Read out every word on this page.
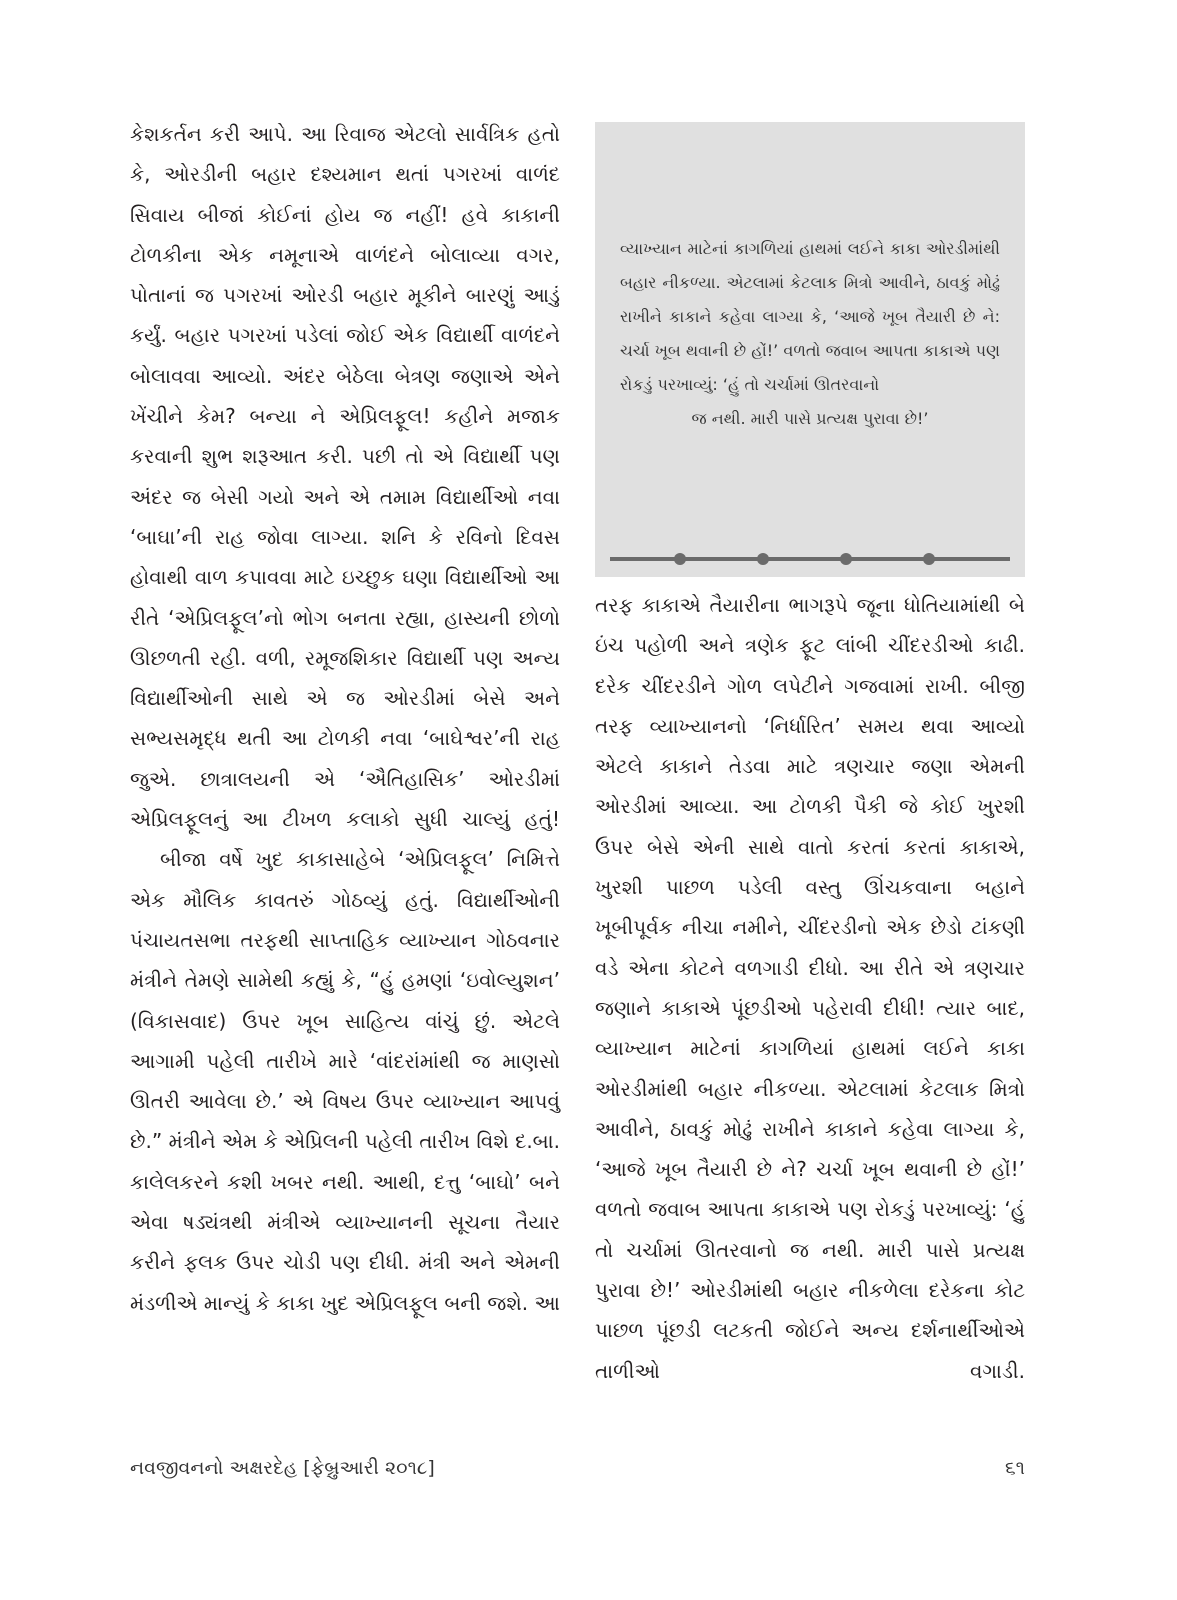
કેશકર્તન કરી આપે. આ રિવાજ એટલો સાર્વત્રિક હતો કે, ઓરડીની બહાર દશ્યમાન થતાં પગરખાં વાળંદ સિવાય બીજાં કોઈનાં હોય જ નહીં! હવે કાકાની ટોળકીના એક નમૂનાએ વાળંદને બોલાવ્યા વગર, પોતાનાં જ પગરખાં ઓરડી બહાર મૂકીને બારણું આડું કર્યું. બહાર પગરખાં પડેલાં જોઈ એક વિદ્યાર્થી વાળંદને બોલાવવા આવ્યો. અંદર બેઠેલા બેત્રણ જણાએ એને ખેંચીને કેમ? બન્યા ને એપ્રિલફૂલ! કહીને મજાક કરવાની શુભ શરૂઆત કરી. પછી તો એ વિદ્યાર્થી પણ અંદર જ બેસી ગયો અને એ તમામ વિદ્યાર્થીઓ નવા ‘બાઘા’ની રાહ જોવા લાગ્યા. શનિ કે રવિનો દિવસ હોવાથી વાળ કપાવવા માટે ઇચ્છુક ઘણા વિદ્યાર્થીઓ આ રીતે ‘એપ્રિલફૂલ’નો ભોગ બનતા રહ્યા, હાસ્યની છોળો ઊછળતી રહી. વળી, રમૂજશિકાર વિદ્યાર્થી પણ અન્ય વિદ્યાર્થીઓની સાથે એ જ ઓરડીમાં બેસે અને સભ્યસમૃદ્ધ થતી આ ટોળકી નવા ‘બાઘેશ્વર’ની રાહ જુએ. છાત્રાલયની એ ‘ઐતિહાસિક’ ઓરડીમાં એપ્રિલફૂલનું આ ટીખળ કલાકો સુધી ચાલ્યું હતું!

બીજા વર્ષે ખુદ કાકાસાહેબે ‘એપ્રિલફૂલ’ નિમિત્તે એક મૌલિક કાવતરું ગોઠવ્યું હતું. વિદ્યાર્થીઓની પંચાયતસભા તરફથી સાપ્તાહિક વ્યાખ્યાન ગોઠવનાર મંત્રીને તેમણે સામેથી કહ્યું કે, “હું હમણાં ‘ઇવોલ્યુશન’ (વિકાસવાદ) ઉપર ખૂબ સાહિત્ય વાંચું છું. એટલે આગામી પહેલી તારીખે મારે ‘વાંદરાંમાંથી જ માણસો ઊતરી આવેલા છે.’ એ વિષય ઉપર વ્યાખ્યાન આપવું છે.” મંત્રીને એમ કે એપ્રિલની પહેલી તારીખ વિશે દ.બા. કાલેલકરને કશી ખબર નથી. આથી, દત્તુ ‘બાઘો’ બને એવા ષડ્યંત્રથી મંત્રીએ વ્યાખ્યાનની સૂચના તૈયાર કરીને ફલક ઉપર ચોડી પણ દીધી. મંત્રી અને એમની મંડળીએ માન્યું કે કાકા ખુદ એપ્રિલફૂલ બની જશે. આ

વ્યાખ્યાન માટેનાં કાગળિયાં હાથમાં લઈને કાકા ઓરડીમાંથી બહાર નીકળ્યા. એટલામાં કેટલાક મિત્રો આવીને, ઠાવકું મોઢું રાખીને કાકાને કહેવા લાગ્યા કે, ‘આજે ખૂબ તૈયારી છે ને: ચર્ચા ખૂબ થવાની છે હોં!’ વળતો જવાબ આપતા કાકાએ પણ રોકડું પરખાવ્યું: ‘હું તો ચર્ચામાં ઊતરવાનો
જ નથી. મારી પાસે પ્રત્યક્ષ પુરાવા છે!’

તરફ કાકાએ તૈયારીના ભાગરૂપે જૂના ધોતિયામાંથી બે ઇંચ પહોળી અને ત્રણેક ફૂટ લાંબી ચીંદરડીઓ કાઢી. દરેક ચીંદરડીને ગોળ લપેટીને ગજવામાં રાખી. બીજી તરફ વ્યાખ્યાનનો ‘નિર્ધારિત’ સમય થવા આવ્યો એટલે કાકાને તેડવા માટે ત્રણચાર જણા એમની ઓરડીમાં આવ્યા. આ ટોળકી પૈકી જે કોઈ ખુરશી ઉપર બેસે એની સાથે વાતો કરતાં કરતાં કાકાએ, ખુરશી પાછળ પડેલી વસ્તુ ઊંચકવાના બહાને ખૂબીપૂર્વક નીચા નમીને, ચીંદરડીનો એક છેડો ટાંકણી વડે એના કોટને વળગાડી દીધો. આ રીતે એ ત્રણચાર જણાને કાકાએ પૂંછડીઓ પહેરાવી દીધી! ત્યાર બાદ, વ્યાખ્યાન માટેનાં કાગળિયાં હાથમાં લઈને કાકા ઓરડીમાંથી બહાર નીકળ્યા. એટલામાં કેટલાક મિત્રો આવીને, ઠાવકું મોઢું રાખીને કાકાને કહેવા લાગ્યા કે, ‘આજે ખૂબ તૈયારી છે ને? ચર્ચા ખૂબ થવાની છે હોં!’ વળતો જવાબ આપતા કાકાએ પણ રોકડું પરખાવ્યું: ‘હું તો ચર્ચામાં ઊતરવાનો જ નથી. મારી પાસે પ્રત્યક્ષ પુરાવા છે!’ ઓરડીમાંથી બહાર નીકળેલા દરેકના કોટ પાછળ પૂંછડી લટકતી જોઈને અન્ય દર્શનાર્થીઓએ તાળીઓ વગાડી.

નવજીવનનો અક્ષરદેહ [ફેબ્રુઆરી ૨૦૧૮]	૬૧
